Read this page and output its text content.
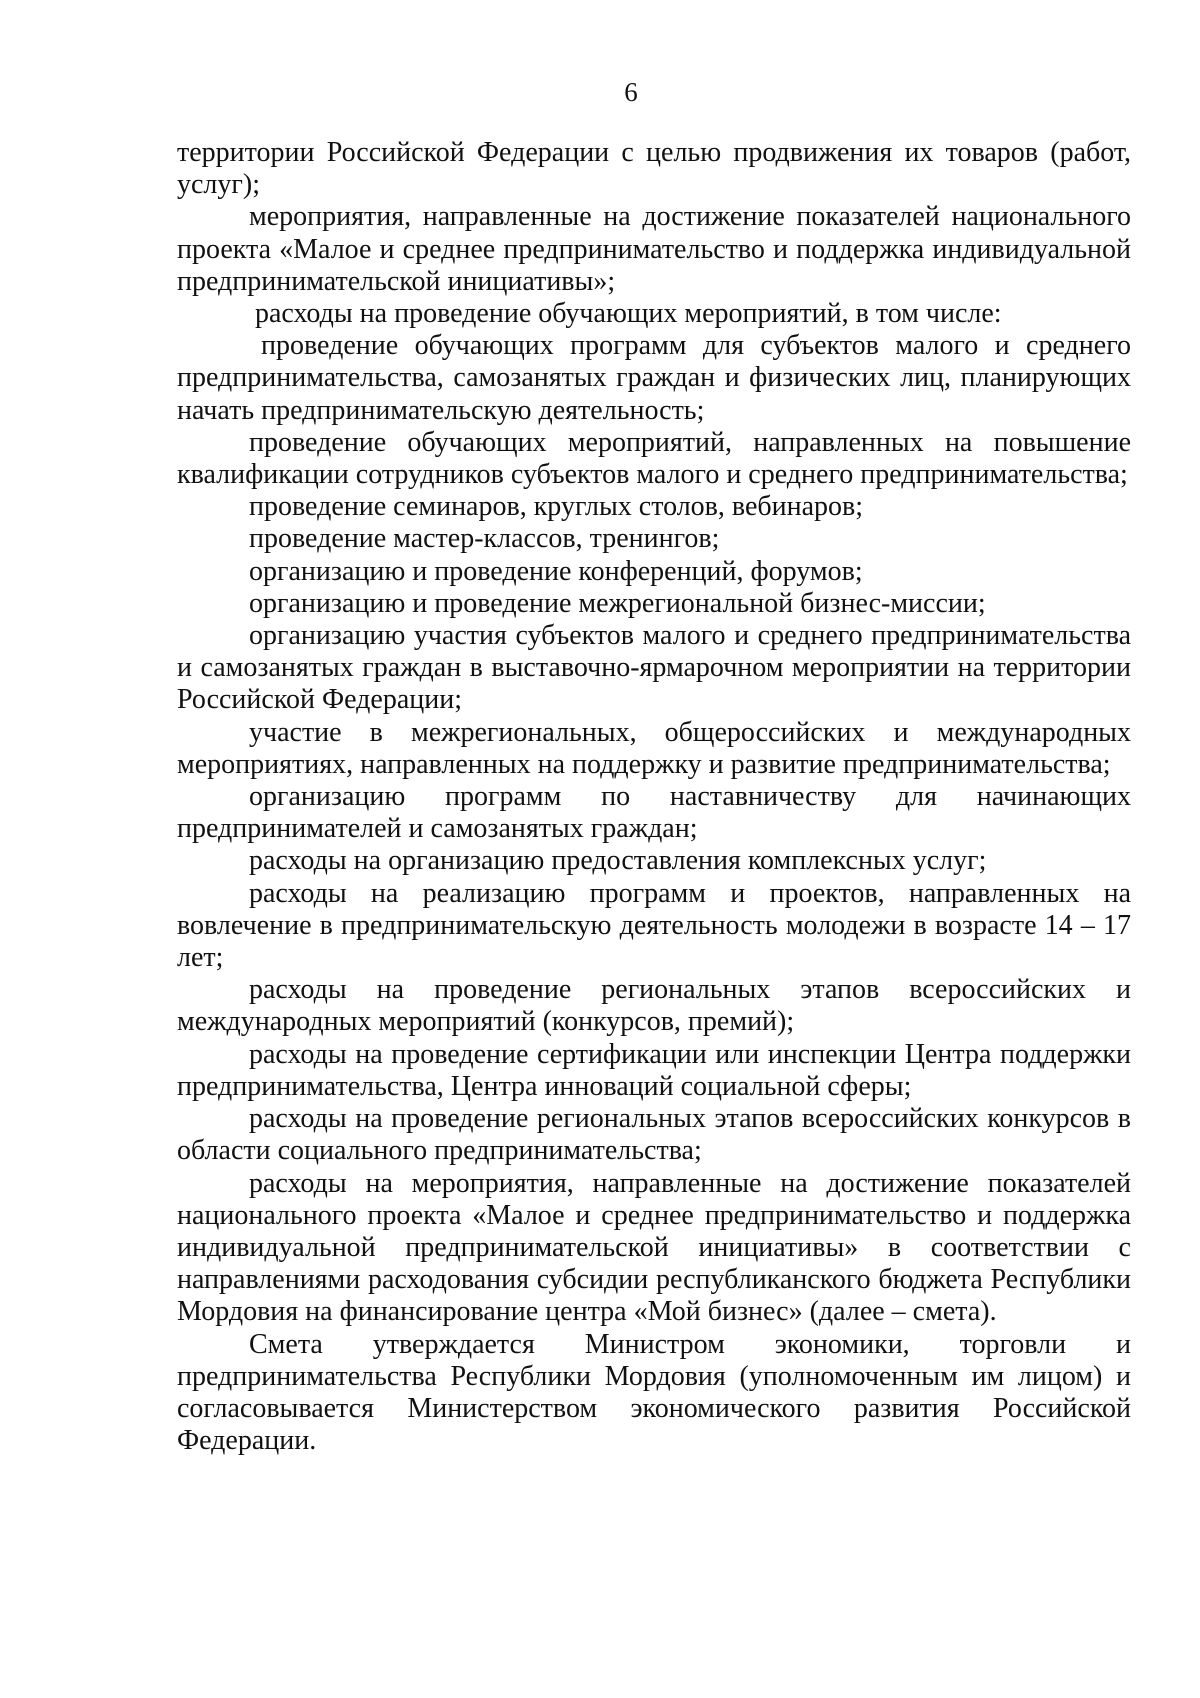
6

территории Российской Федерации с целью продвижения их товаров (работ, услуг);

мероприятия, направленные на достижение показателей национального проекта «Малое и среднее предпринимательство и поддержка индивидуальной предпринимательской инициативы»;

расходы на проведение обучающих мероприятий, в том числе:

проведение обучающих программ для субъектов малого и среднего предпринимательства, самозанятых граждан и физических лиц, планирующих начать предпринимательскую деятельность;

проведение обучающих мероприятий, направленных на повышение квалификации сотрудников субъектов малого и среднего предпринимательства;

проведение семинаров, круглых столов, вебинаров;

проведение мастер-классов, тренингов;

организацию и проведение конференций, форумов;

организацию и проведение межрегиональной бизнес-миссии;

организацию участия субъектов малого и среднего предпринимательства и самозанятых граждан в выставочно-ярмарочном мероприятии на территории Российской Федерации;

участие в межрегиональных, общероссийских и международных мероприятиях, направленных на поддержку и развитие предпринимательства;

организацию программ по наставничеству для начинающих предпринимателей и самозанятых граждан;

расходы на организацию предоставления комплексных услуг;

расходы на реализацию программ и проектов, направленных на вовлечение в предпринимательскую деятельность молодежи в возрасте 14 – 17 лет;

расходы на проведение региональных этапов всероссийских и международных мероприятий (конкурсов, премий);

расходы на проведение сертификации или инспекции Центра поддержки предпринимательства, Центра инноваций социальной сферы;

расходы на проведение региональных этапов всероссийских конкурсов в области социального предпринимательства;

расходы на мероприятия, направленные на достижение показателей национального проекта «Малое и среднее предпринимательство и поддержка индивидуальной предпринимательской инициативы» в соответствии с направлениями расходования субсидии республиканского бюджета Республики Мордовия на финансирование центра «Мой бизнес» (далее – смета).

Смета утверждается Министром экономики, торговли и предпринимательства Республики Мордовия (уполномоченным им лицом) и согласовывается Министерством экономического развития Российской Федерации.
